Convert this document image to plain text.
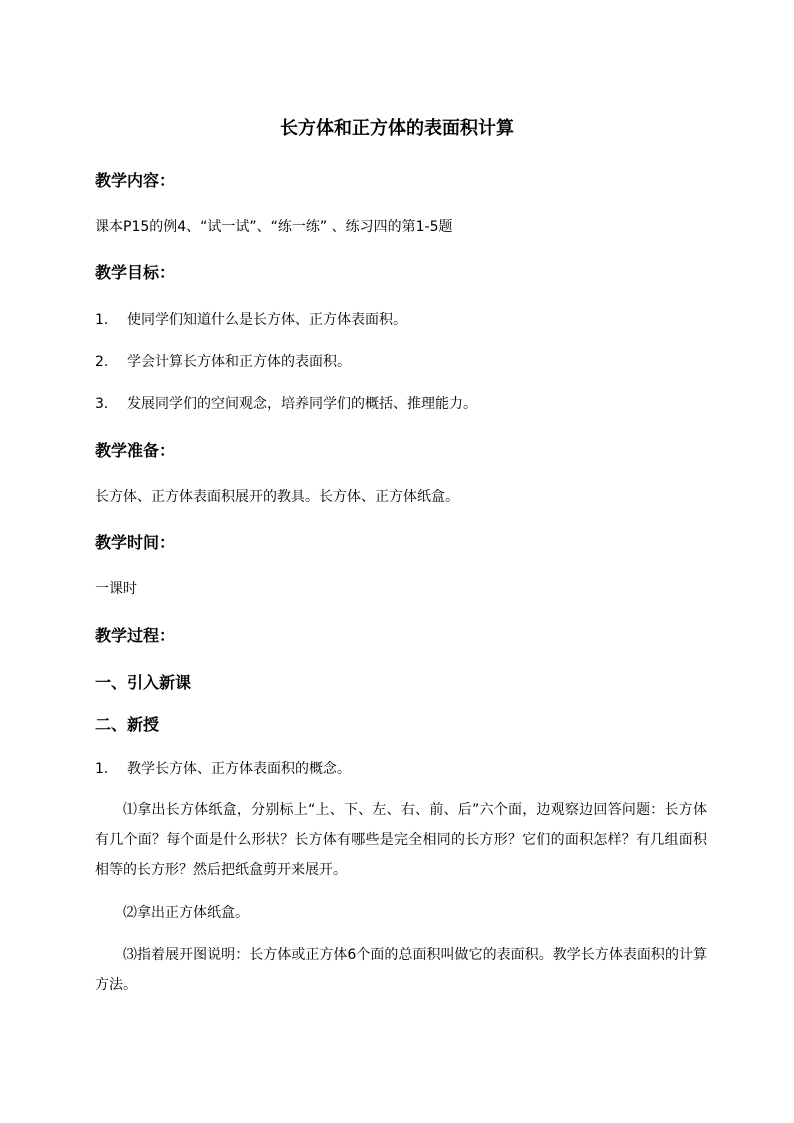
长方体和正方体的表面积计算
教学内容：

课本P15的例4、“试一试”、“练一练” 、练习四的第1-5题

教学目标：

1. 使同学们知道什么是长方体、正方体表面积。

2. 学会计算长方体和正方体的表面积。

3. 发展同学们的空间观念，培养同学们的概括、推理能力。

教学准备：

长方体、正方体表面积展开的教具。长方体、正方体纸盒。

教学时间：

一课时

教学过程：
一、引入新课
二、新授

1. 教学长方体、正方体表面积的概念。

⑴拿出长方体纸盒，分别标上“上、下、左、右、前、后”六个面，边观察边回答问题：长方体有几个面？每个面是什么形状？长方体有哪些是完全相同的长方形？它们的面积怎样？有几组面积相等的长方形？然后把纸盒剪开来展开。

⑵拿出正方体纸盒。

⑶指着展开图说明：长方体或正方体6个面的总面积叫做它的表面积。教学长方体表面积的计算方法。
